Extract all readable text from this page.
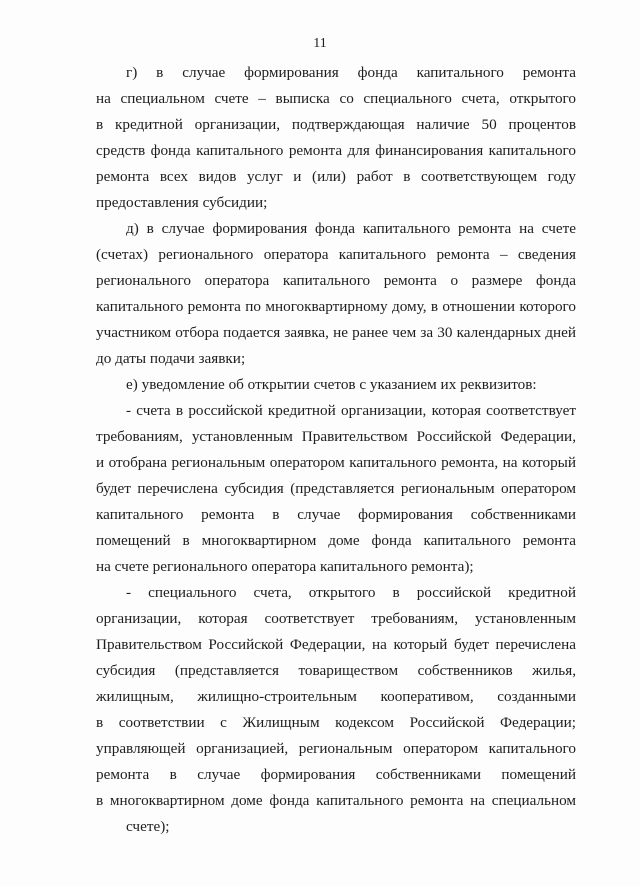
11
г) в случае формирования фонда капитального ремонта
на специальном счете – выписка со специального счета, открытого
в кредитной организации, подтверждающая наличие 50 процентов
средств фонда капитального ремонта для финансирования капитального
ремонта всех видов услуг и (или) работ в соответствующем году
предоставления субсидии;
д) в случае формирования фонда капитального ремонта на счете
(счетах) регионального оператора капитального ремонта – сведения
регионального оператора капитального ремонта о размере фонда
капитального ремонта по многоквартирному дому, в отношении которого
участником отбора подается заявка, не ранее чем за 30 календарных дней
до даты подачи заявки;
е) уведомление об открытии счетов с указанием их реквизитов:
- счета в российской кредитной организации, которая соответствует
требованиям, установленным Правительством Российской Федерации,
и отобрана региональным оператором капитального ремонта, на который
будет перечислена субсидия (представляется региональным оператором
капитального ремонта в случае формирования собственниками
помещений в многоквартирном доме фонда капитального ремонта
на счете регионального оператора капитального ремонта);
- специального счета, открытого в российской кредитной
организации, которая соответствует требованиям, установленным
Правительством Российской Федерации, на который будет перечислена
субсидия (представляется товариществом собственников жилья,
жилищным, жилищно-строительным кооперативом, созданными
в соответствии с Жилищным кодексом Российской Федерации;
управляющей организацией, региональным оператором капитального
ремонта в случае формирования собственниками помещений
в многоквартирном доме фонда капитального ремонта на специальном
счете);
